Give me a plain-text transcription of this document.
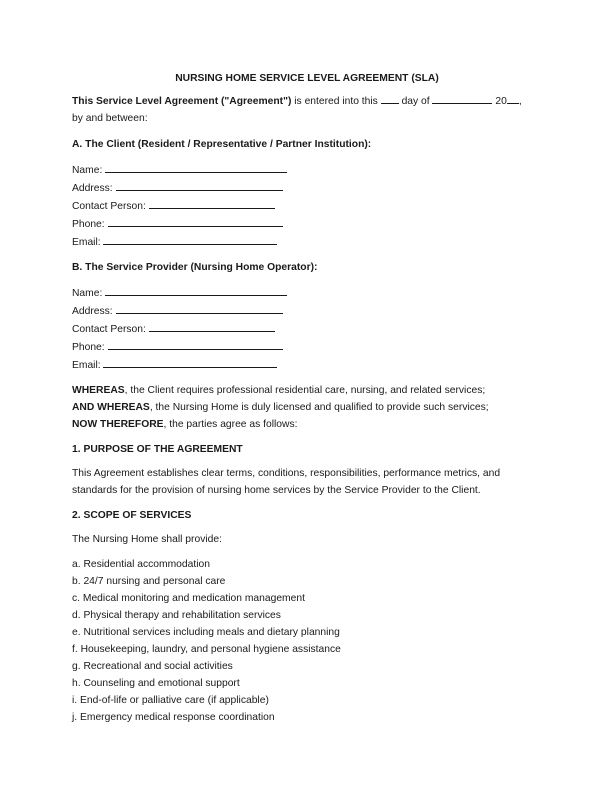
NURSING HOME SERVICE LEVEL AGREEMENT (SLA)

This Service Level Agreement ("Agreement") is entered into this  day of	20 ,

by and between:

A. The Client (Resident / Representative / Partner Institution):

Name:
Address:
Contact Person:
Phone:
Email:

B. The Service Provider (Nursing Home Operator):

Name:
Address:
Contact Person:
Phone:
Email:

WHEREAS, the Client requires professional residential care, nursing, and related services;

AND WHEREAS, the Nursing Home is duly licensed and qualified to provide such services;

NOW THEREFORE, the parties agree as follows:

1. PURPOSE OF THE AGREEMENT

This Agreement establishes clear terms, conditions, responsibilities, performance metrics, and standards for the provision of nursing home services by the Service Provider to the Client.

2. SCOPE OF SERVICES

The Nursing Home shall provide:

a. Residential accommodation

b. 24/7 nursing and personal care

c. Medical monitoring and medication management

d. Physical therapy and rehabilitation services

e. Nutritional services including meals and dietary planning

f. Housekeeping, laundry, and personal hygiene assistance

g. Recreational and social activities

h. Counseling and emotional support

i. End-of-life or palliative care (if applicable)

j. Emergency medical response coordination
